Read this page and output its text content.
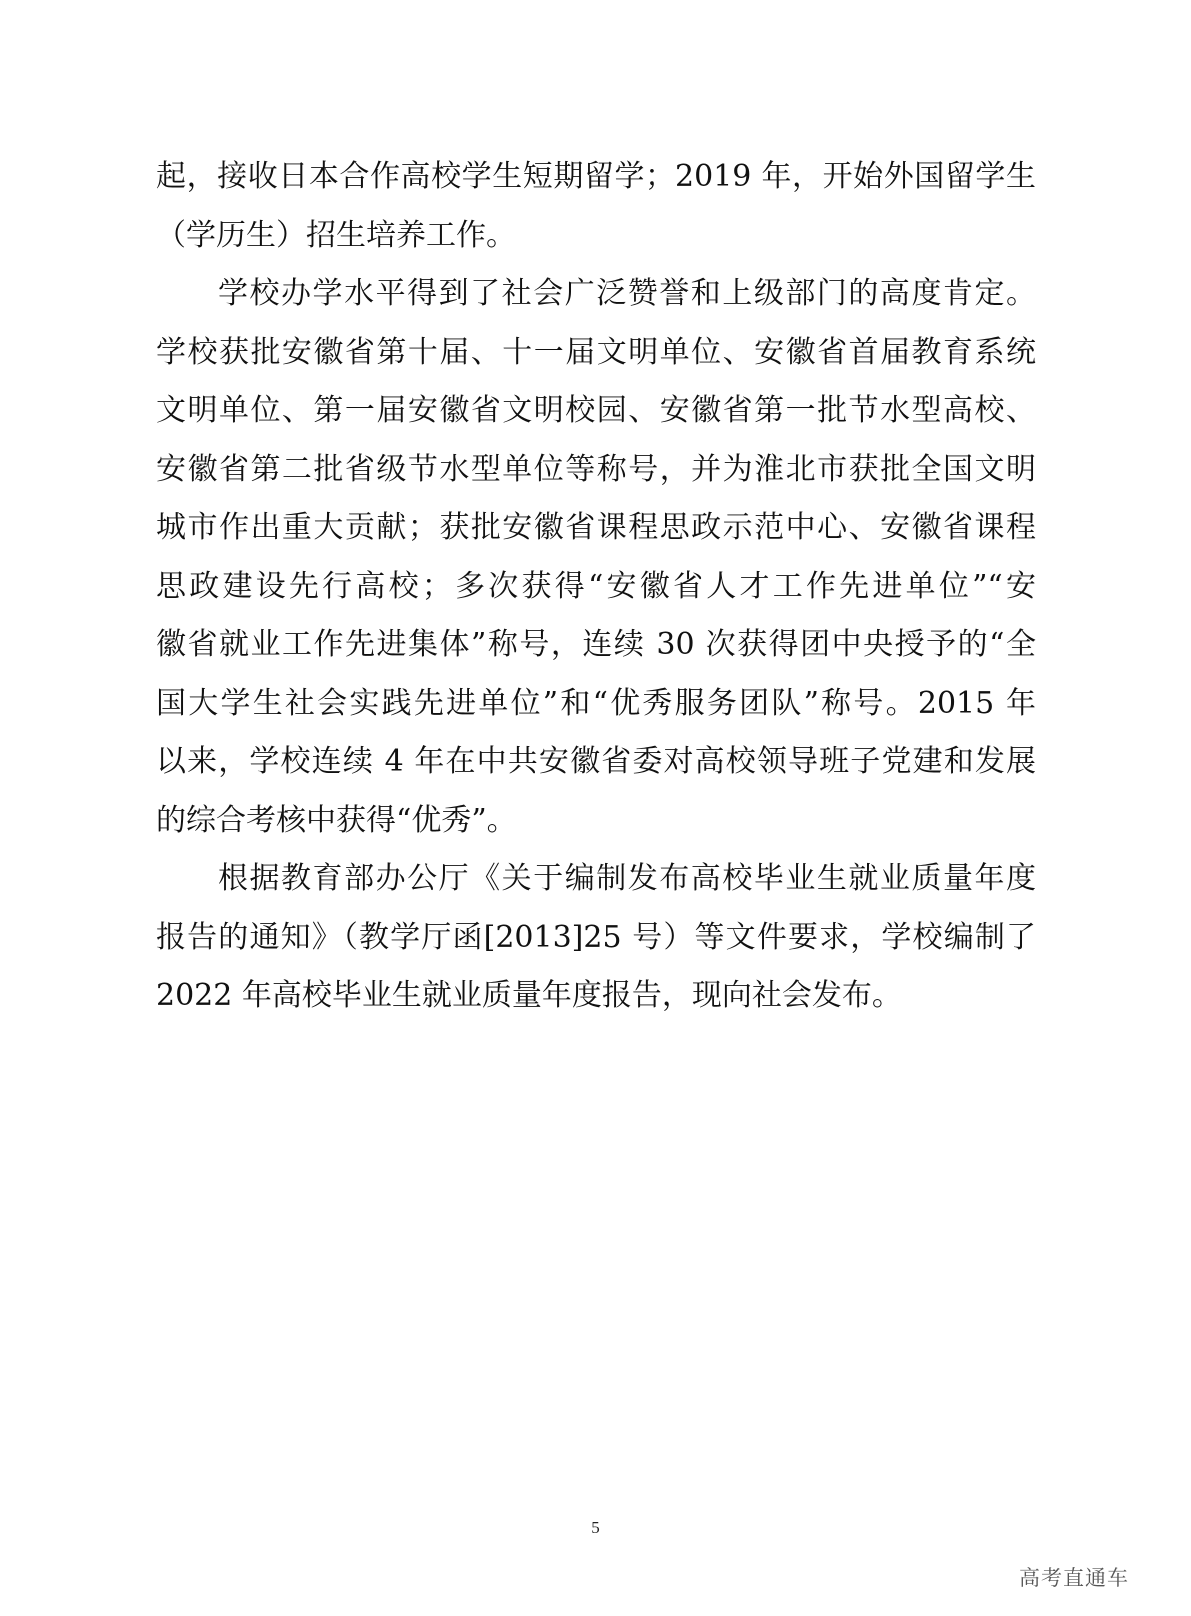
起，接收日本合作高校学生短期留学；2019 年，开始外国留学生
（学历生）招生培养工作。
学校办学水平得到了社会广泛赞誉和上级部门的高度肯定。
学校获批安徽省第十届、十一届文明单位、安徽省首届教育系统
文明单位、第一届安徽省文明校园、安徽省第一批节水型高校、
安徽省第二批省级节水型单位等称号，并为淮北市获批全国文明
城市作出重大贡献；获批安徽省课程思政示范中心、安徽省课程
思政建设先行高校；多次获得“安徽省人才工作先进单位”“安
徽省就业工作先进集体”称号，连续 30 次获得团中央授予的“全
国大学生社会实践先进单位”和“优秀服务团队”称号。2015 年
以来，学校连续 4 年在中共安徽省委对高校领导班子党建和发展
的综合考核中获得“优秀”。
根据教育部办公厅《关于编制发布高校毕业生就业质量年度
报告的通知》（教学厅函[2013]25 号）等文件要求，学校编制了
2022 年高校毕业生就业质量年度报告，现向社会发布。
5
高考直通车
